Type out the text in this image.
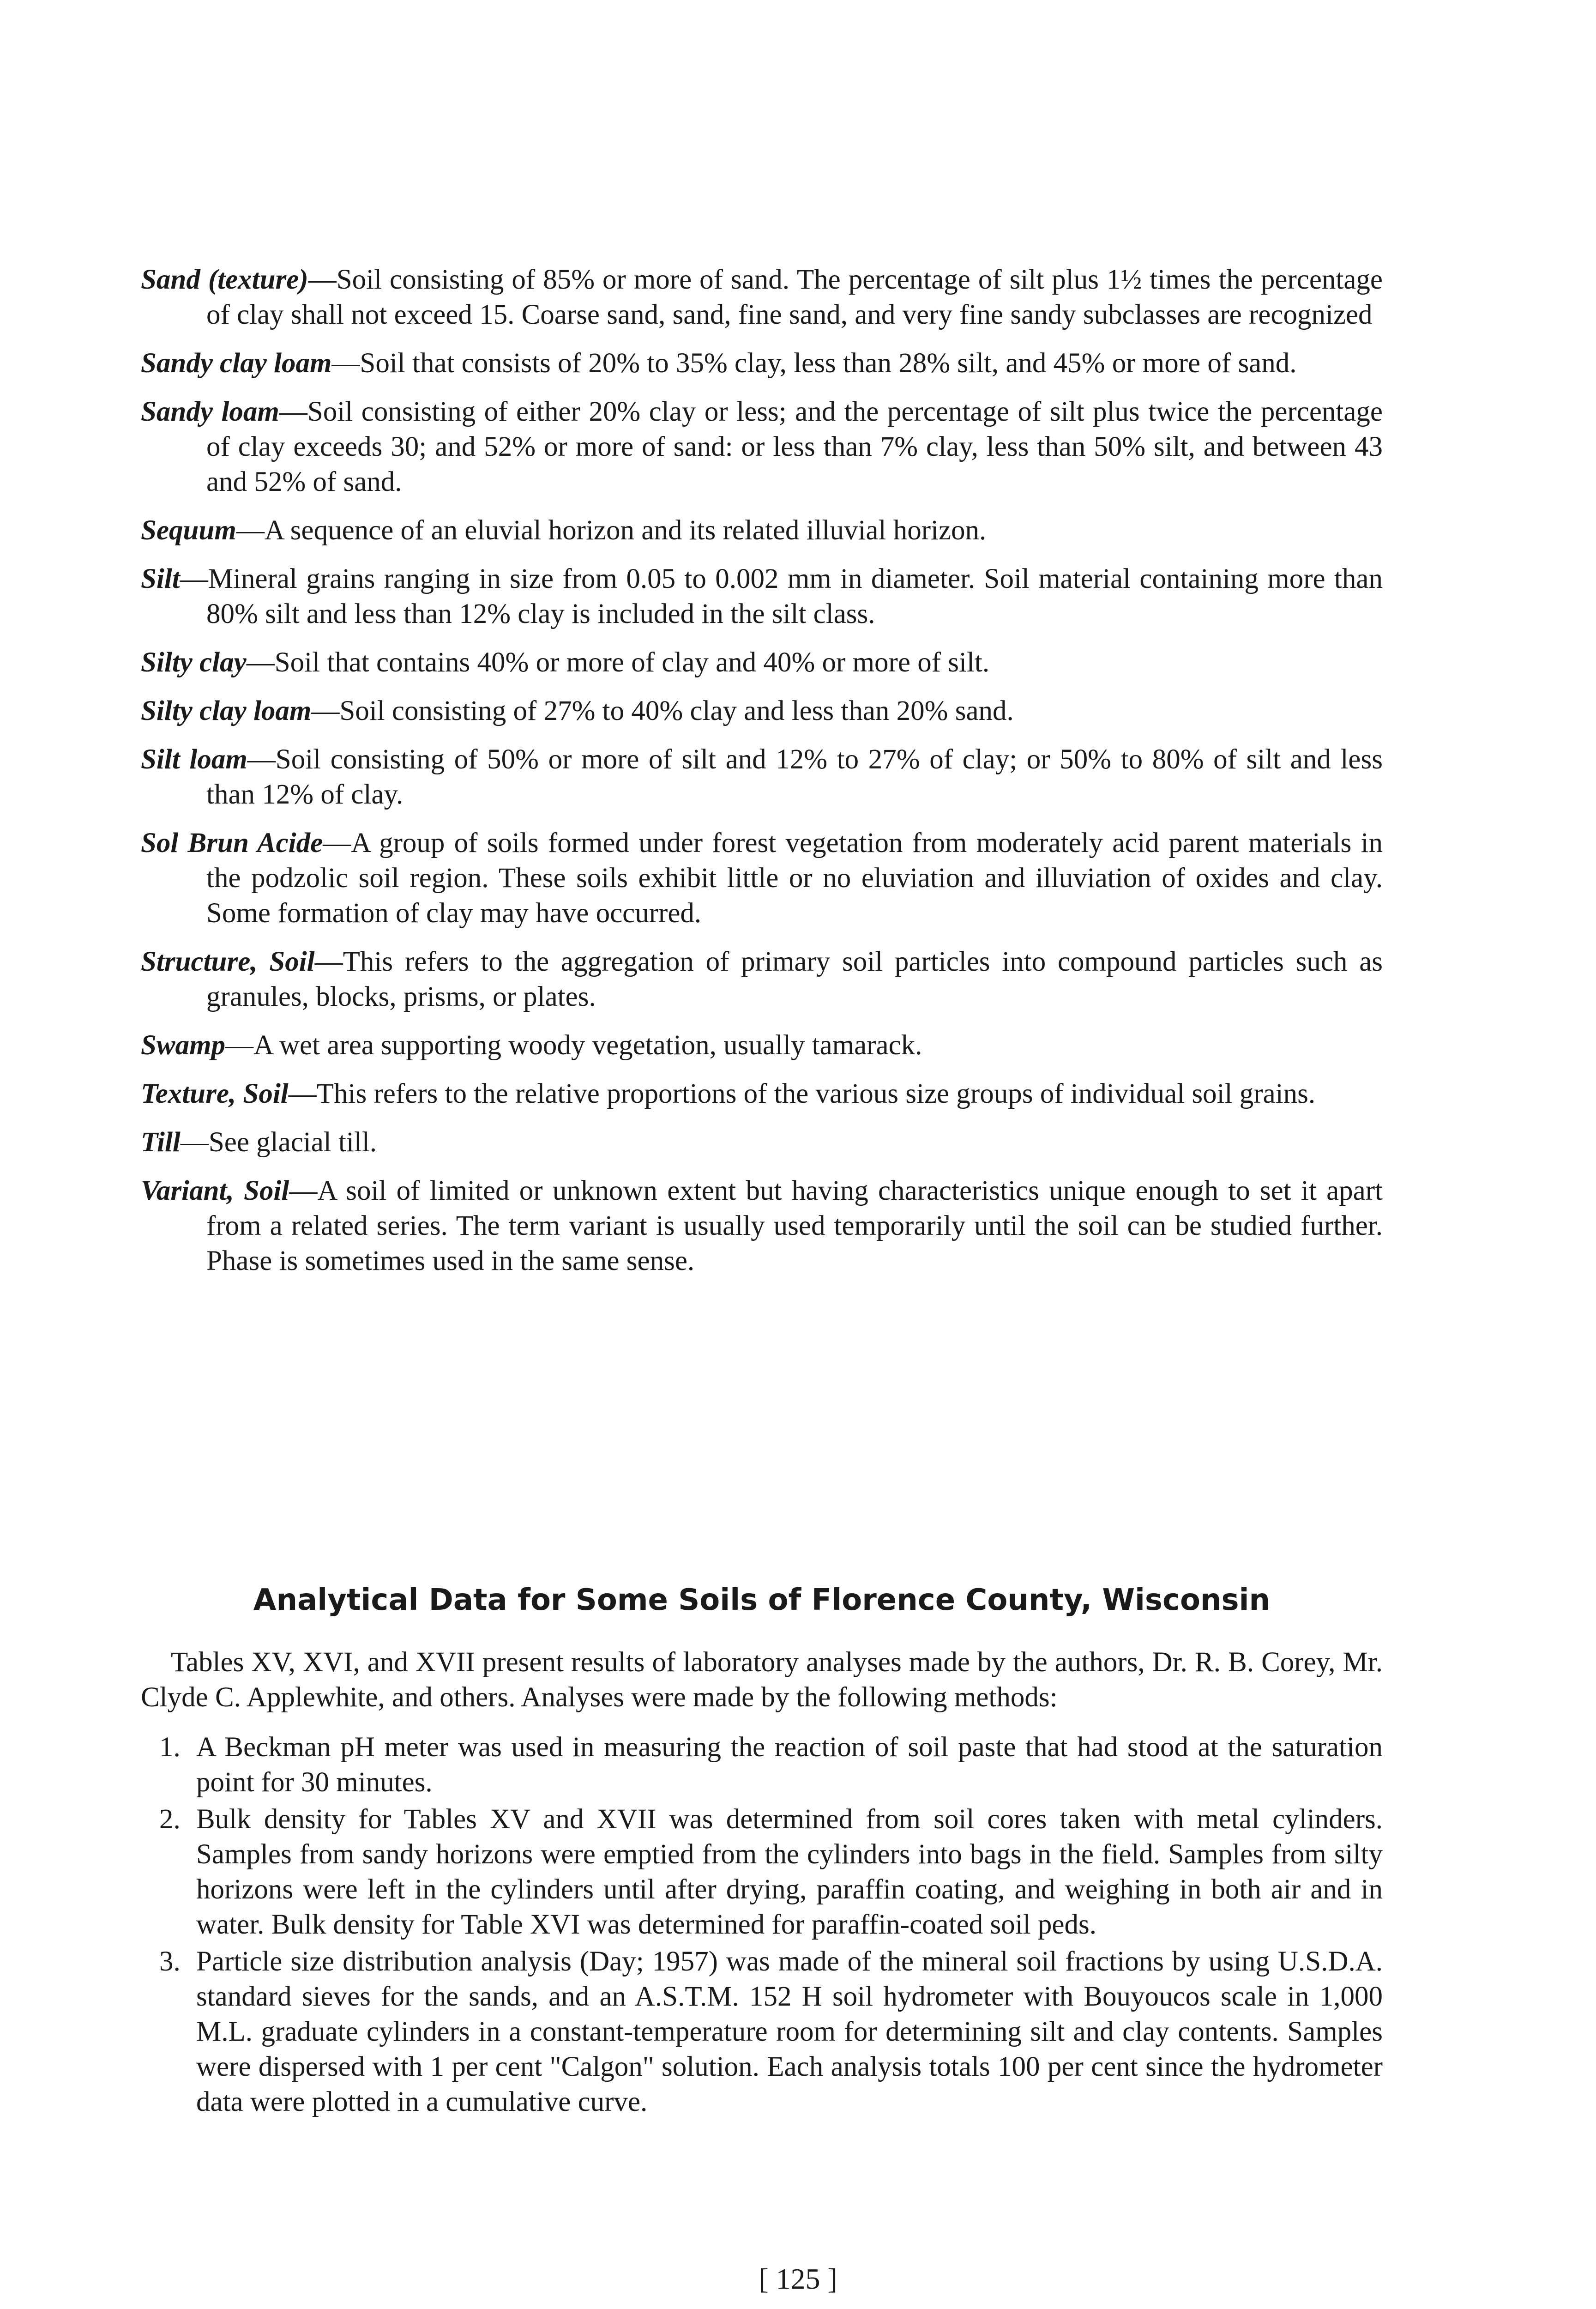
Sand (texture)—Soil consisting of 85% or more of sand. The percentage of silt plus 1½ times the percentage of clay shall not exceed 15. Coarse sand, sand, fine sand, and very fine sandy subclasses are recognized

Sandy clay loam—Soil that consists of 20% to 35% clay, less than 28% silt, and 45% or more of sand.

Sandy loam—Soil consisting of either 20% clay or less; and the percentage of silt plus twice the percentage of clay exceeds 30; and 52% or more of sand: or less than 7% clay, less than 50% silt, and between 43 and 52% of sand.

Sequum—A sequence of an eluvial horizon and its related illuvial horizon.

Silt—Mineral grains ranging in size from 0.05 to 0.002 mm in diameter. Soil material containing more than 80% silt and less than 12% clay is included in the silt class.

Silty clay—Soil that contains 40% or more of clay and 40% or more of silt.

Silty clay loam—Soil consisting of 27% to 40% clay and less than 20% sand.

Silt loam—Soil consisting of 50% or more of silt and 12% to 27% of clay; or 50% to 80% of silt and less than 12% of clay.

Sol Brun Acide—A group of soils formed under forest vegetation from moderately acid parent materials in the podzolic soil region. These soils exhibit little or no eluviation and illuviation of oxides and clay. Some formation of clay may have occurred.

Structure, Soil—This refers to the aggregation of primary soil particles into compound particles such as granules, blocks, prisms, or plates.

Swamp—A wet area supporting woody vegetation, usually tamarack.

Texture, Soil—This refers to the relative proportions of the various size groups of individual soil grains.

Till—See glacial till.

Variant, Soil—A soil of limited or unknown extent but having characteristics unique enough to set it apart from a related series. The term variant is usually used temporarily until the soil can be studied further. Phase is sometimes used in the same sense.

Analytical Data for Some Soils of Florence County, Wisconsin

Tables XV, XVI, and XVII present results of laboratory analyses made by the authors, Dr. R. B. Corey, Mr. Clyde C. Applewhite, and others. Analyses were made by the following methods:

1. A Beckman pH meter was used in measuring the reaction of soil paste that had stood at the saturation point for 30 minutes.
2. Bulk density for Tables XV and XVII was determined from soil cores taken with metal cylinders. Samples from sandy horizons were emptied from the cylinders into bags in the field. Samples from silty horizons were left in the cylinders until after drying, paraffin coating, and weighing in both air and in water. Bulk density for Table XVI was determined for paraffin-coated soil peds.
3. Particle size distribution analysis (Day; 1957) was made of the mineral soil fractions by using U.S.D.A. standard sieves for the sands, and an A.S.T.M. 152 H soil hydrometer with Bouyoucos scale in 1,000 M.L. graduate cylinders in a constant-temperature room for determining silt and clay contents. Samples were dispersed with 1 per cent "Calgon" solution. Each analysis totals 100 per cent since the hydrometer data were plotted in a cumulative curve.
[ 125 ]
